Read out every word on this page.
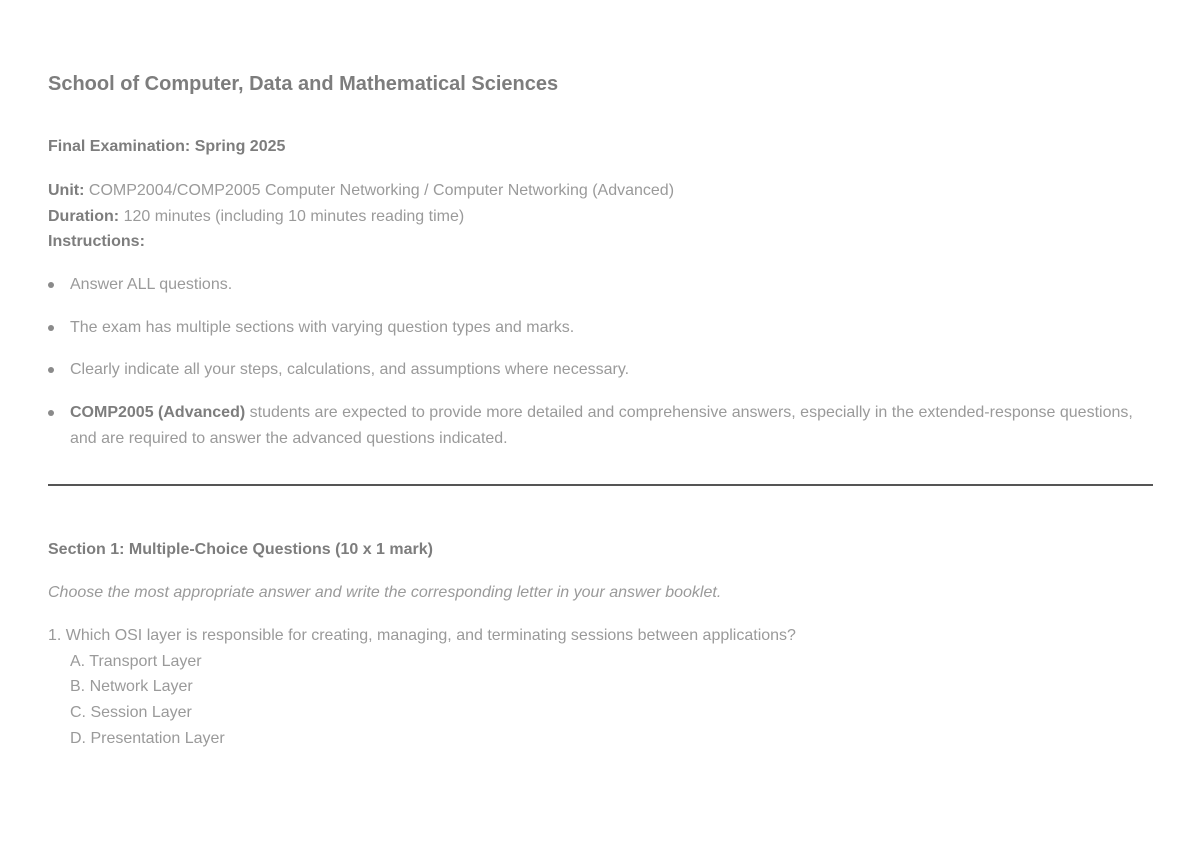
School of Computer, Data and Mathematical Sciences
Final Examination: Spring 2025
Unit: COMP2004/COMP2005 Computer Networking / Computer Networking (Advanced)
Duration: 120 minutes (including 10 minutes reading time)
Instructions:
Answer ALL questions.
The exam has multiple sections with varying question types and marks.
Clearly indicate all your steps, calculations, and assumptions where necessary.
COMP2005 (Advanced) students are expected to provide more detailed and comprehensive answers, especially in the extended-response questions, and are required to answer the advanced questions indicated.
Section 1: Multiple-Choice Questions (10 x 1 mark)

Choose the most appropriate answer and write the corresponding letter in your answer booklet.

1. Which OSI layer is responsible for creating, managing, and terminating sessions between applications?
A. Transport Layer
B. Network Layer
C. Session Layer
D. Presentation Layer
